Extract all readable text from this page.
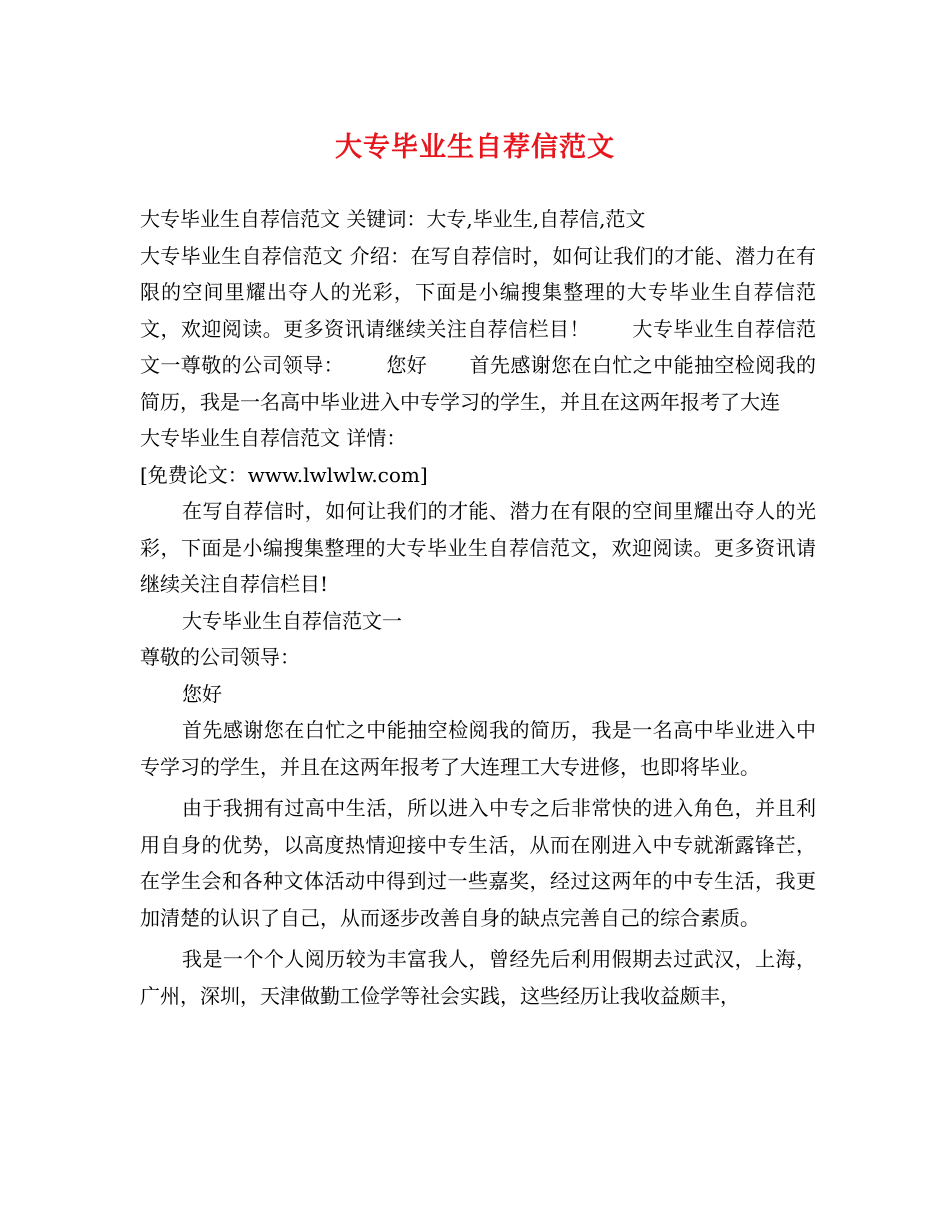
大专毕业生自荐信范文

大专毕业生自荐信范文 关键词：大专,毕业生,自荐信,范文

大专毕业生自荐信范文 介绍：在写自荐信时，如何让我们的才能、潜力在有限的空间里耀出夺人的光彩，下面是小编搜集整理的大专毕业生自荐信范文，欢迎阅读。更多资讯请继续关注自荐信栏目！ 大专毕业生自荐信范文一尊敬的公司领导： 您好 首先感谢您在白忙之中能抽空检阅我的简历，我是一名高中毕业进入中专学习的学生，并且在这两年报考了大连

大专毕业生自荐信范文 详情：

[免费论文：www.lwlwlw.com]

在写自荐信时，如何让我们的才能、潜力在有限的空间里耀出夺人的光彩，下面是小编搜集整理的大专毕业生自荐信范文，欢迎阅读。更多资讯请继续关注自荐信栏目!

大专毕业生自荐信范文一

尊敬的公司领导：

您好

首先感谢您在白忙之中能抽空检阅我的简历，我是一名高中毕业进入中专学习的学生，并且在这两年报考了大连理工大专进修，也即将毕业。

由于我拥有过高中生活，所以进入中专之后非常快的进入角色，并且利用自身的优势，以高度热情迎接中专生活，从而在刚进入中专就渐露锋芒，在学生会和各种文体活动中得到过一些嘉奖，经过这两年的中专生活，我更加清楚的认识了自己，从而逐步改善自身的缺点完善自己的综合素质。

我是一个个人阅历较为丰富我人，曾经先后利用假期去过武汉，上海，广州，深圳，天津做勤工俭学等社会实践，这些经历让我收益颇丰，
